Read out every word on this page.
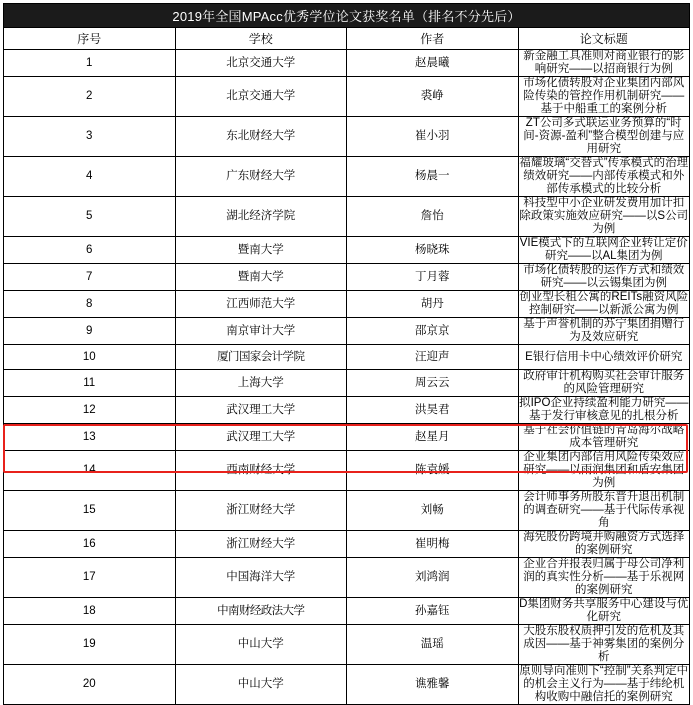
2019年全国MPAcc优秀学位论文获奖名单（排名不分先后）			
序号	学校	作者	论文标题
1	北京交通大学	赵晨曦	新金融工具准则对商业银行的影响研究——以招商银行为例
2	北京交通大学	裘峥	市场化债转股对企业集团内部风险传染的管控作用机制研究——基于中船重工的案例分析
3	东北财经大学	崔小羽	ZT公司多式联运业务预算的“时间-资源-盈利”整合模型创建与应用研究
4	广东财经大学	杨晨一	福耀玻璃“交替式”传承模式的治理绩效研究——内部传承模式和外部传承模式的比较分析
5	湖北经济学院	詹怡	科技型中小企业研发费用加计扣除政策实施效应研究——以S公司为例
6	暨南大学	杨晓珠	VIE模式下的互联网企业转让定价研究——以AL集团为例
7	暨南大学	丁月蓉	市场化债转股的运作方式和绩效研究——以云锡集团为例
8	江西师范大学	胡丹	创业型长租公寓的REITs融资风险控制研究——以新派公寓为例
9	南京审计大学	邵京京	基于声誉机制的苏宁集团捐赠行为及效应研究
10	厦门国家会计学院	汪迎声	E银行信用卡中心绩效评价研究
11	上海大学	周云云	政府审计机构购买社会审计服务的风险管理研究
12	武汉理工大学	洪昊君	拟IPO企业持续盈利能力研究——基于发行审核意见的扎根分析
13	武汉理工大学	赵星月	基于社会价值链的青岛海尔战略成本管理研究
14	西南财经大学	陈袁媛	企业集团内部信用风险传染效应研究——以雨润集团和盾安集团为例
15	浙江财经大学	刘畅	会计师事务所股东晋升退出机制的调查研究——基于代际传承视角
16	浙江财经大学	崔明梅	海宪股份跨境并购融资方式选择的案例研究
17	中国海洋大学	刘鸿润	企业合并报表归属于母公司净利润的真实性分析——基于乐视网的案例研究
18	中南财经政法大学	孙嘉钰	D集团财务共享服务中心建设与优化研究
19	中山大学	温瑶	大股东股权质押引发的危机及其成因——基于神雾集团的案例分析
20	中山大学	谯雅馨	原则导向准则下“控制”关系判定中的机会主义行为——基于纬纶机构收购中融信托的案例研究
